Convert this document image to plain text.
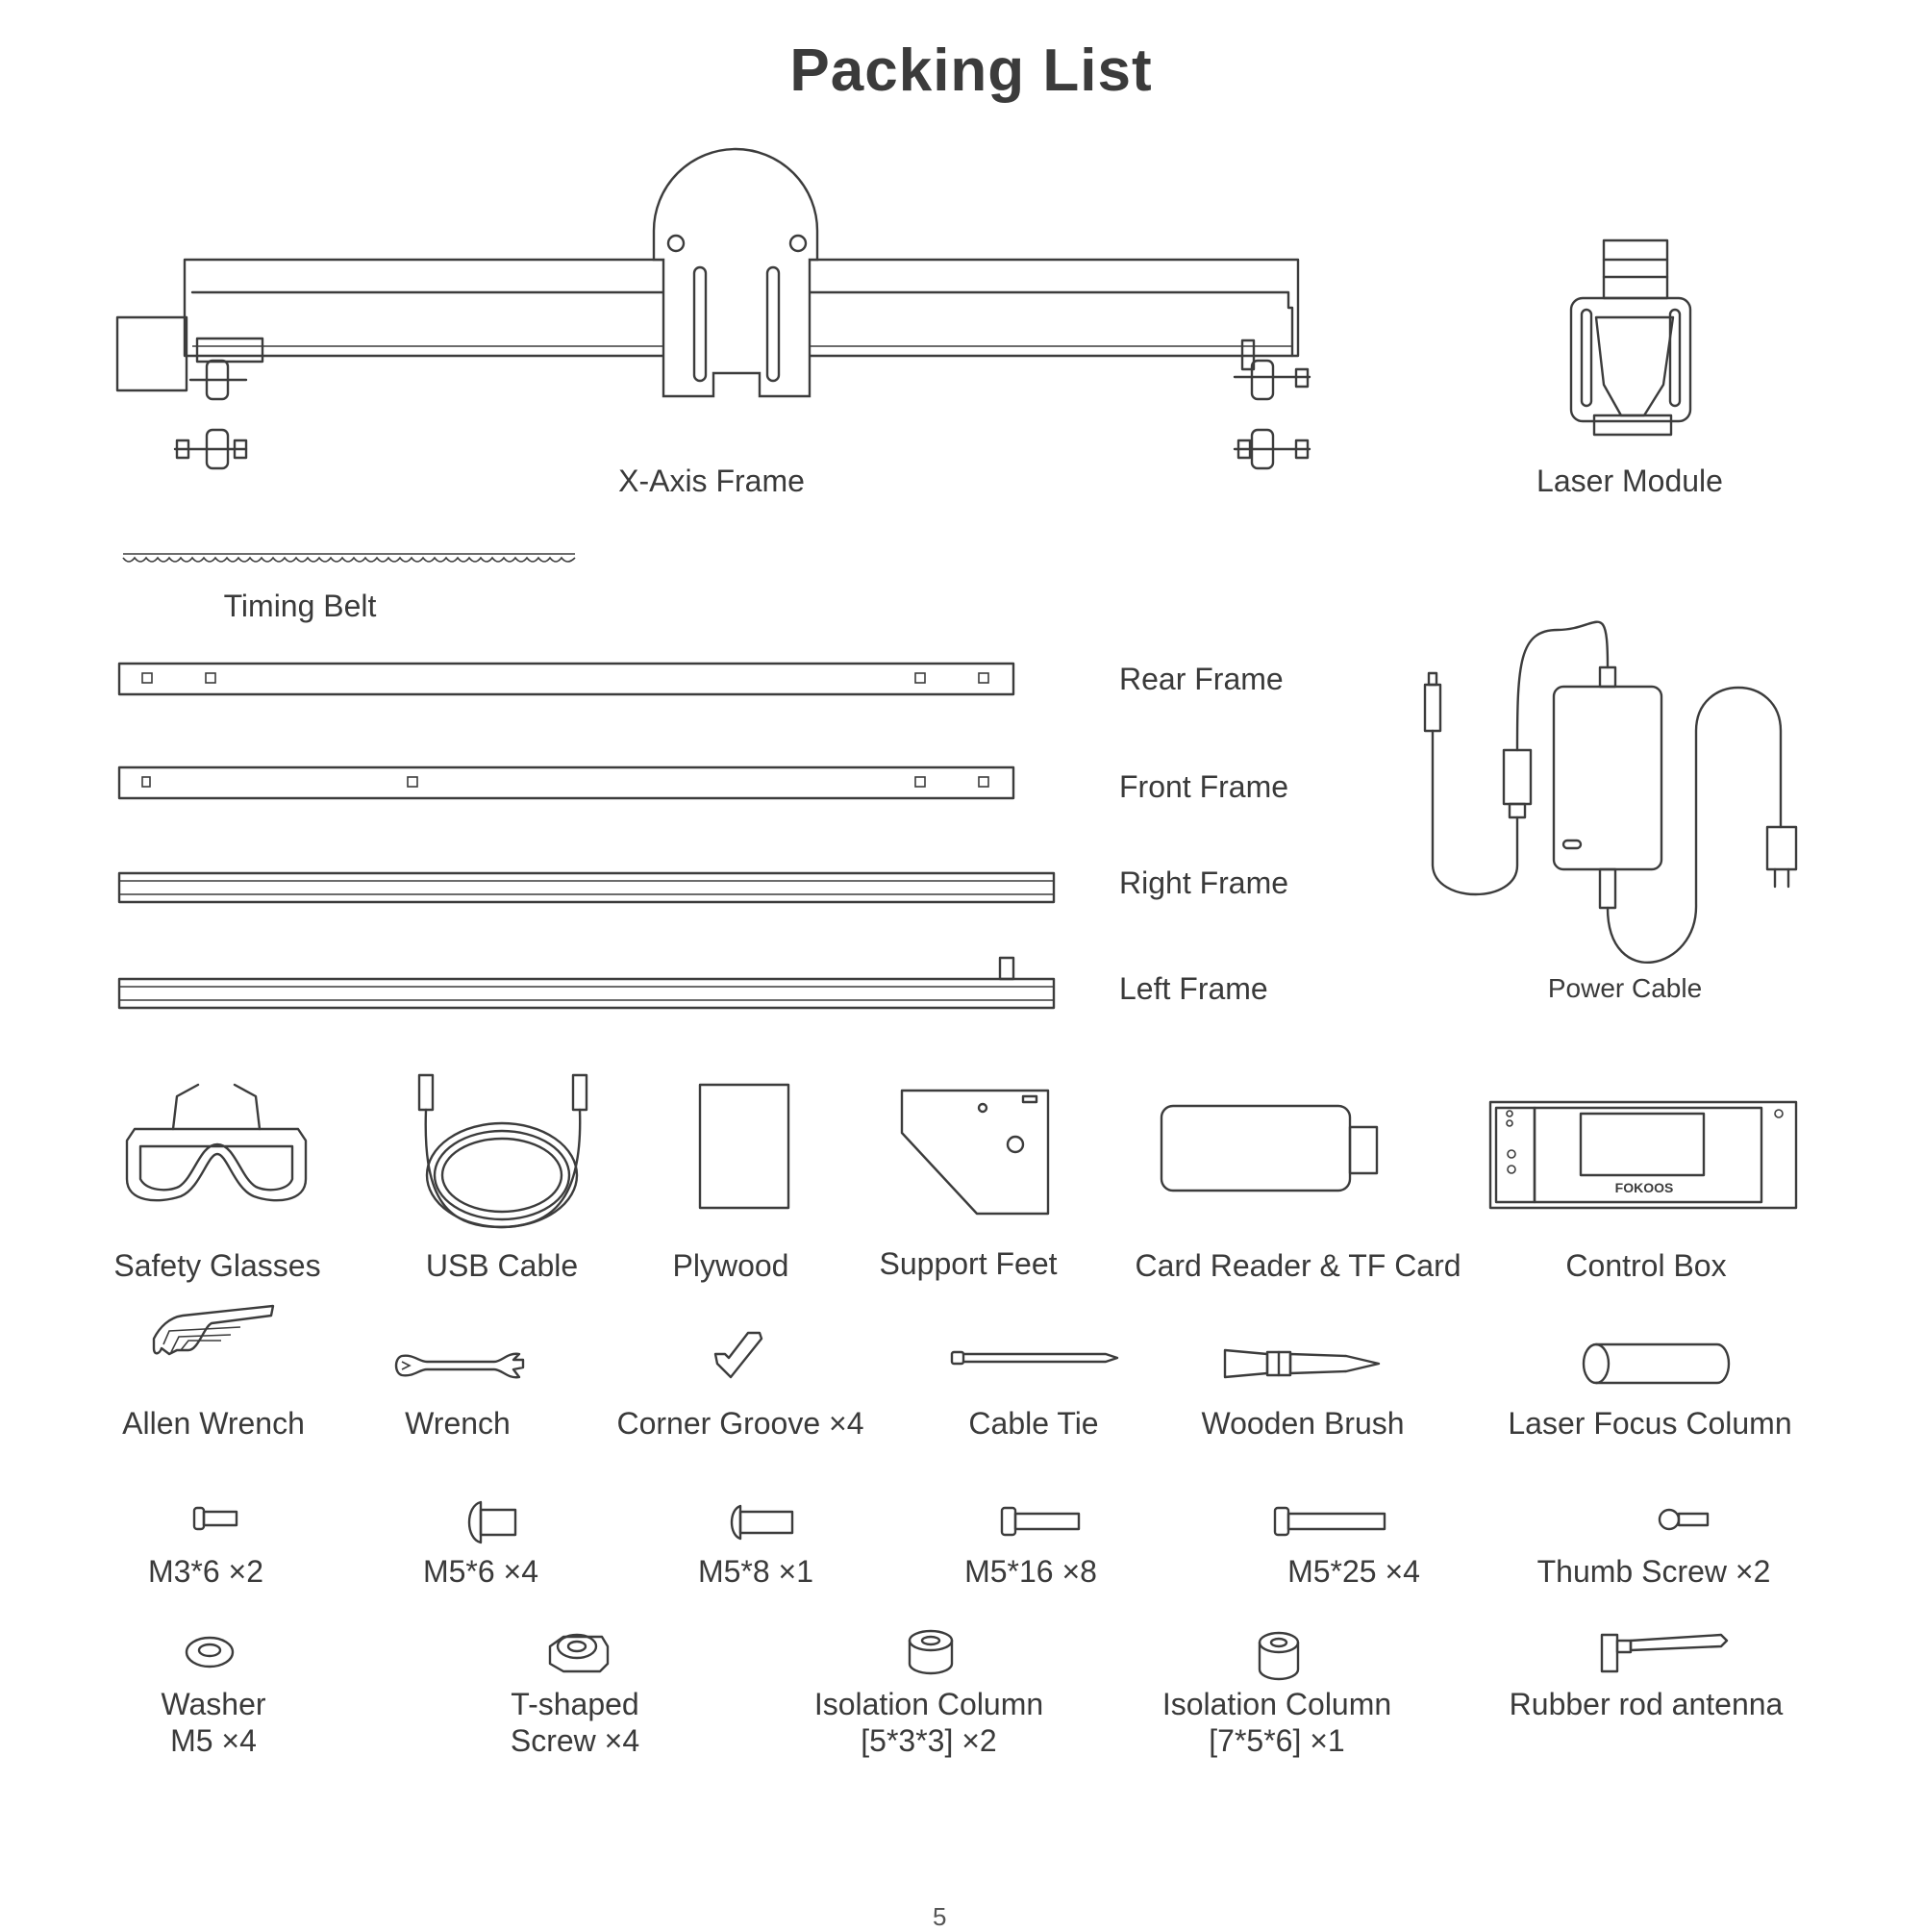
Packing List
FOKOOS
X-Axis Frame	Laser Module
Timing Belt
Rear Frame
Front Frame
Right Frame
Left Frame	Power Cable
Safety Glasses	USB Cable	Plywood	Support Feet	Card Reader & TF Card	Control Box
Allen Wrench	Wrench	Corner Groove ×4	Cable Tie	Wooden Brush	Laser Focus Column
M3*6 ×2	M5*6 ×4	M5*8 ×1	M5*16 ×8	M5*25 ×4	Thumb Screw ×2
Washer
M5 ×4
T-shaped
Screw ×4
Isolation Column
[5*3*3] ×2
Isolation Column
[7*5*6] ×1
Rubber rod antenna
5
